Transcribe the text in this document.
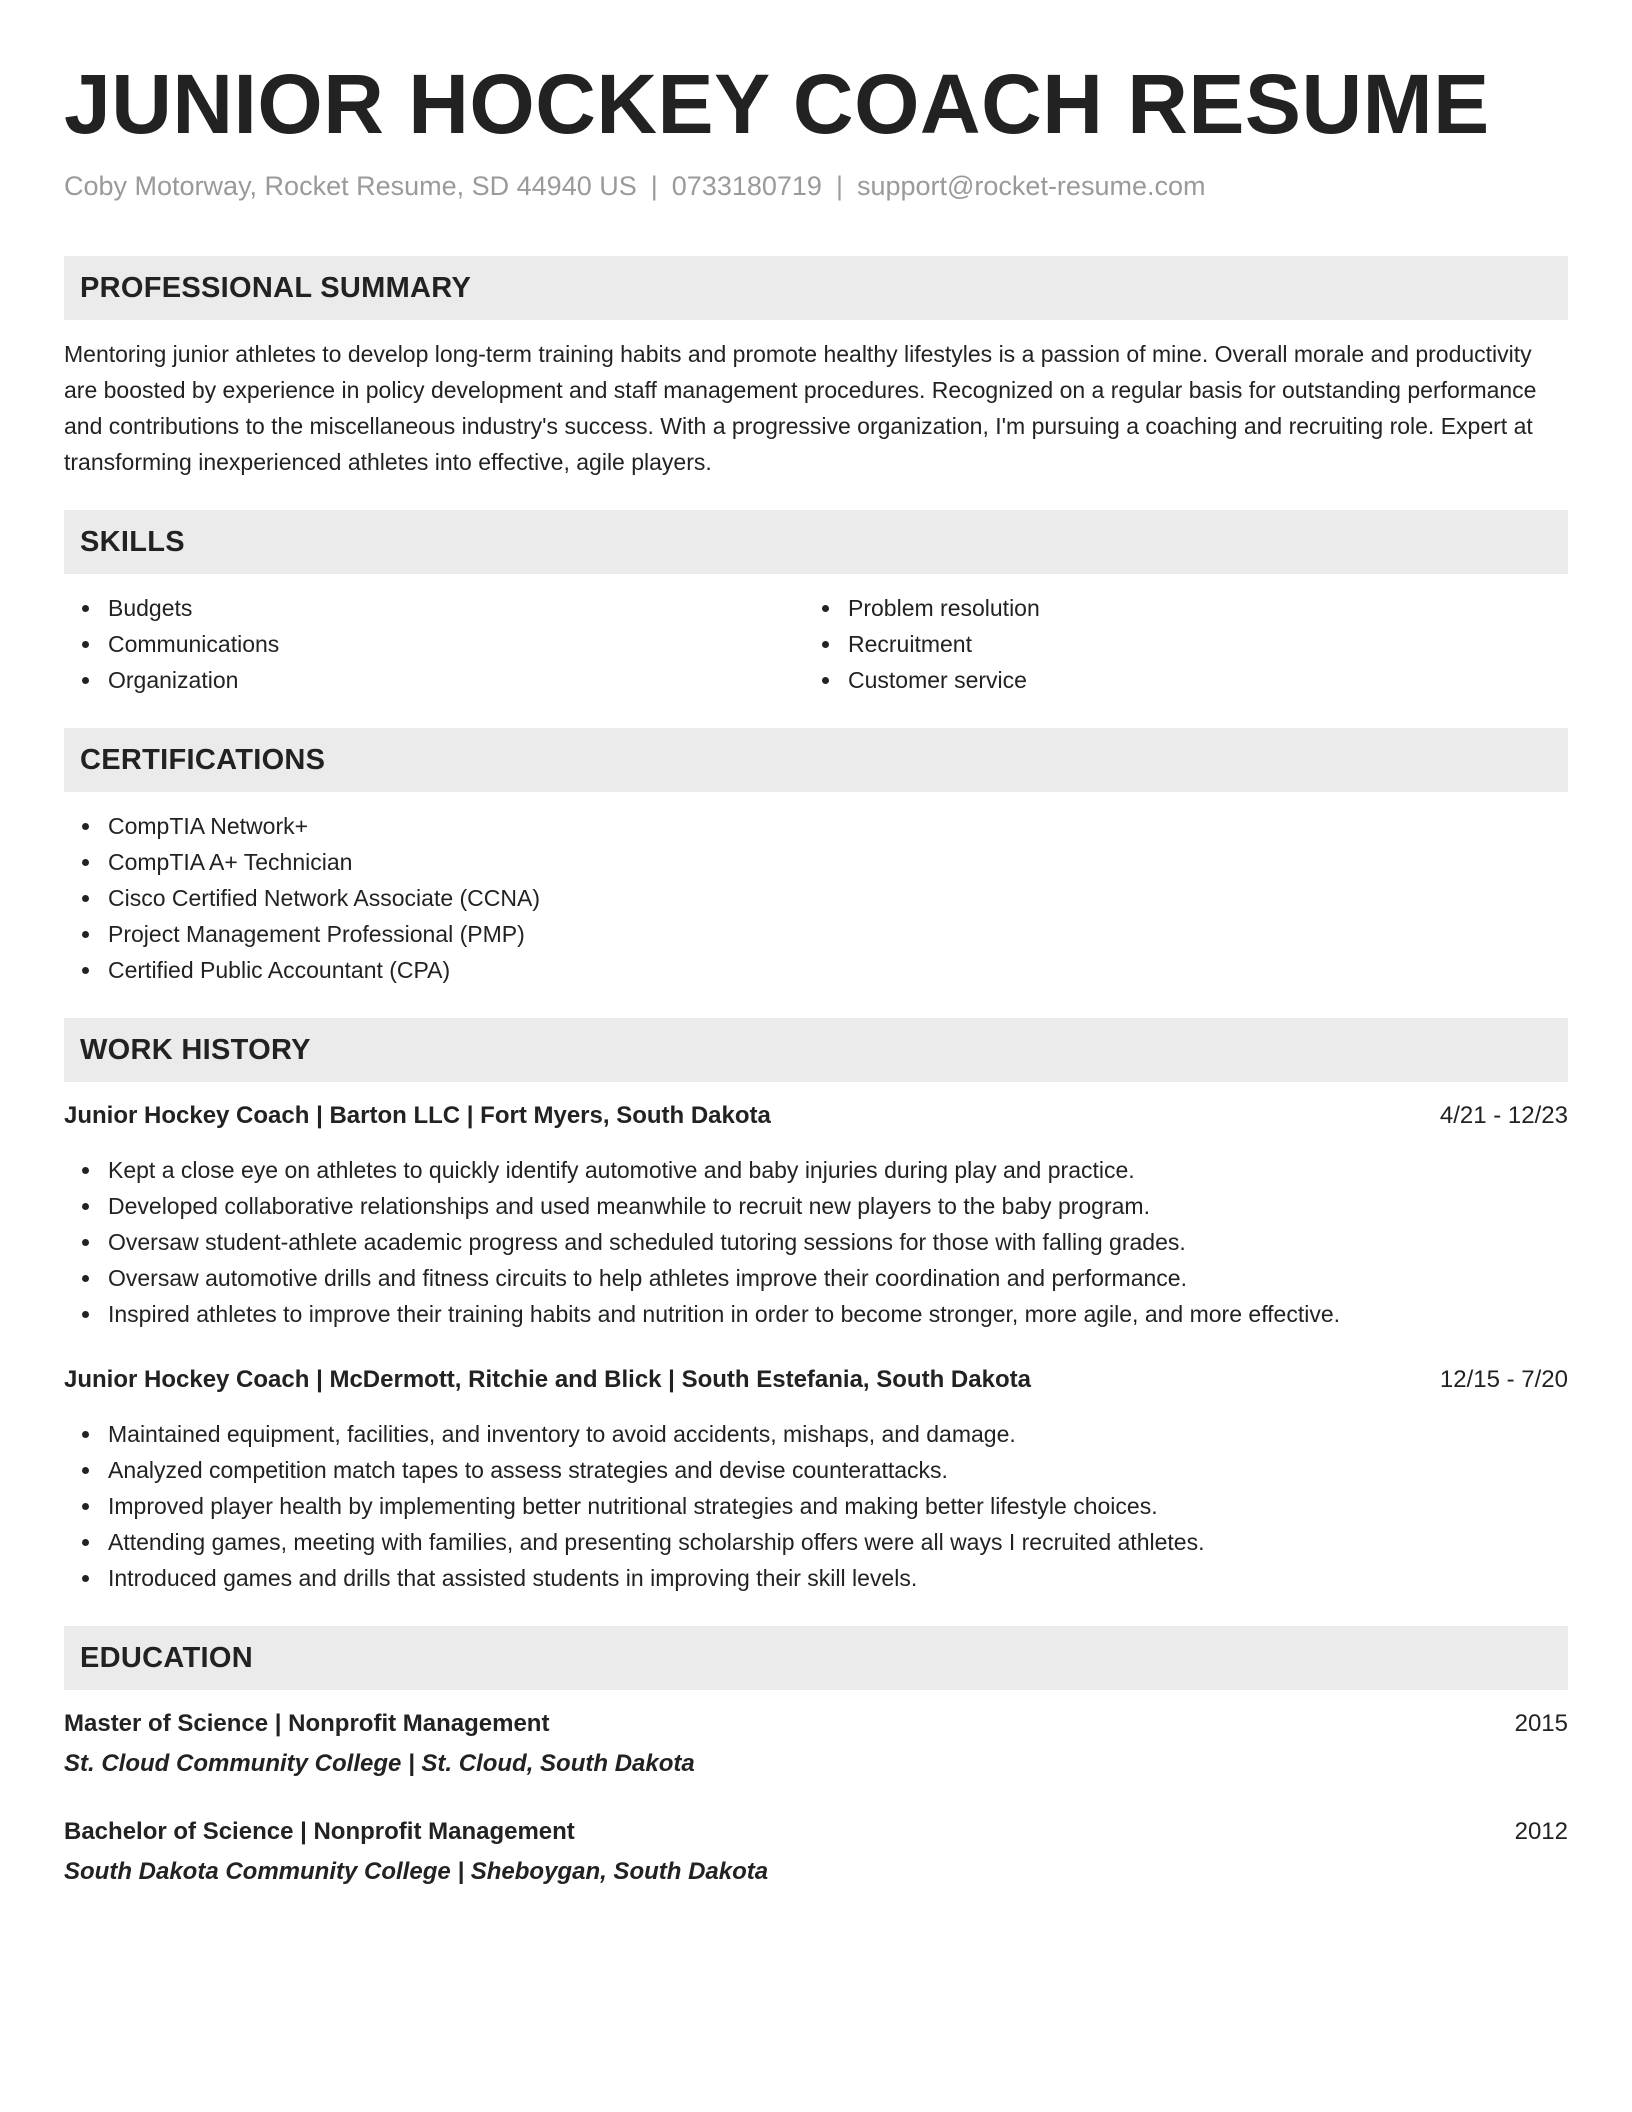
JUNIOR HOCKEY COACH RESUME
Coby Motorway, Rocket Resume, SD 44940 US | 0733180719 | support@rocket-resume.com
PROFESSIONAL SUMMARY

Mentoring junior athletes to develop long-term training habits and promote healthy lifestyles is a passion of mine. Overall morale and productivity are boosted by experience in policy development and staff management procedures. Recognized on a regular basis for outstanding performance and contributions to the miscellaneous industry's success. With a progressive organization, I'm pursuing a coaching and recruiting role. Expert at transforming inexperienced athletes into effective, agile players.

SKILLS
Budgets
Communications
Organization
Problem resolution
Recruitment
Customer service
CERTIFICATIONS
CompTIA Network+
CompTIA A+ Technician
Cisco Certified Network Associate (CCNA)
Project Management Professional (PMP)
Certified Public Accountant (CPA)
WORK HISTORY
Junior Hockey Coach | Barton LLC | Fort Myers, South Dakota	4/21 - 12/23
Kept a close eye on athletes to quickly identify automotive and baby injuries during play and practice.
Developed collaborative relationships and used meanwhile to recruit new players to the baby program.
Oversaw student-athlete academic progress and scheduled tutoring sessions for those with falling grades.
Oversaw automotive drills and fitness circuits to help athletes improve their coordination and performance.
Inspired athletes to improve their training habits and nutrition in order to become stronger, more agile, and more effective.
Junior Hockey Coach | McDermott, Ritchie and Blick | South Estefania, South Dakota	12/15 - 7/20
Maintained equipment, facilities, and inventory to avoid accidents, mishaps, and damage.
Analyzed competition match tapes to assess strategies and devise counterattacks.
Improved player health by implementing better nutritional strategies and making better lifestyle choices.
Attending games, meeting with families, and presenting scholarship offers were all ways I recruited athletes.
Introduced games and drills that assisted students in improving their skill levels.
EDUCATION
Master of Science | Nonprofit Management	2015
St. Cloud Community College | St. Cloud, South Dakota
Bachelor of Science | Nonprofit Management	2012
South Dakota Community College | Sheboygan, South Dakota
